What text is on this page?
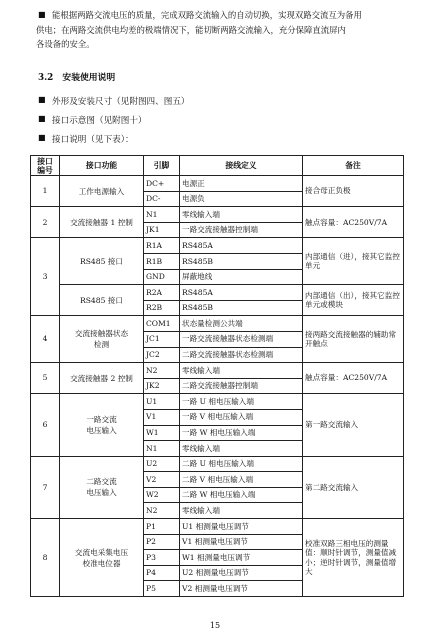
■ 能根据两路交流电压的质量，完成双路交流输入的自动切换，实现双路交流互为备用
供电；在两路交流供电均差的极端情况下，能切断两路交流输入，充分保障直流屏内
各设备的安全。
3.2 安装使用说明
■ 外形及安装尺寸（见附图四、图五）
■ 接口示意图（见附图十）
■ 接口说明（见下表）：
接口
编号	接口功能	引脚	接线定义	备注
1	工作电源输入	DC+	电源正	接合母正负极
		DC-	电源负	
2	交流接触器 1 控制	N1	零线输入端	触点容量：AC250V/7A
		JK1	一路交流接触器控制端	
3	RS485 接口	R1A	RS485A	内部通信（进），接其它监控单元
		R1B	RS485B	
		GND	屏蔽地线	

	RS485 接口	R2A	RS485A	内部通信（出），接其它监控单元或模块
		R2B	RS485B	
4	交流接触器状态
检测	COM1	状态量检测公共端	接两路交流接触器的辅助常开触点
		JC1	一路交流接触器状态检测端	
		JC2	二路交流接触器状态检测端	
5	交流接触器 2 控制	N2	零线输入端	触点容量：AC250V/7A
		JK2	二路交流接触器控制端	
6	一路交流
电压输入	U1	一路 U 相电压输入端	第一路交流输入
		V1	一路 V 相电压输入端	
		W1	一路 W 相电压输入端	
		N1	零线输入端	
7	二路交流
电压输入	U2	二路 U 相电压输入端	第二路交流输入
		V2	二路 V 相电压输入端	
		W2	二路 W 相电压输入端	
		N2	零线输入端	
8	交流电采集电压
校准电位器	P1	U1 相测量电压调节	校准双路三相电压的测量值：顺时针调节，测量值减小；逆时针调节，测量值增大
		P2	V1 相测量电压调节	
		P3	W1 相测量电压调节	
		P4	U2 相测量电压调节	
		P5	V2 相测量电压调节	
15
